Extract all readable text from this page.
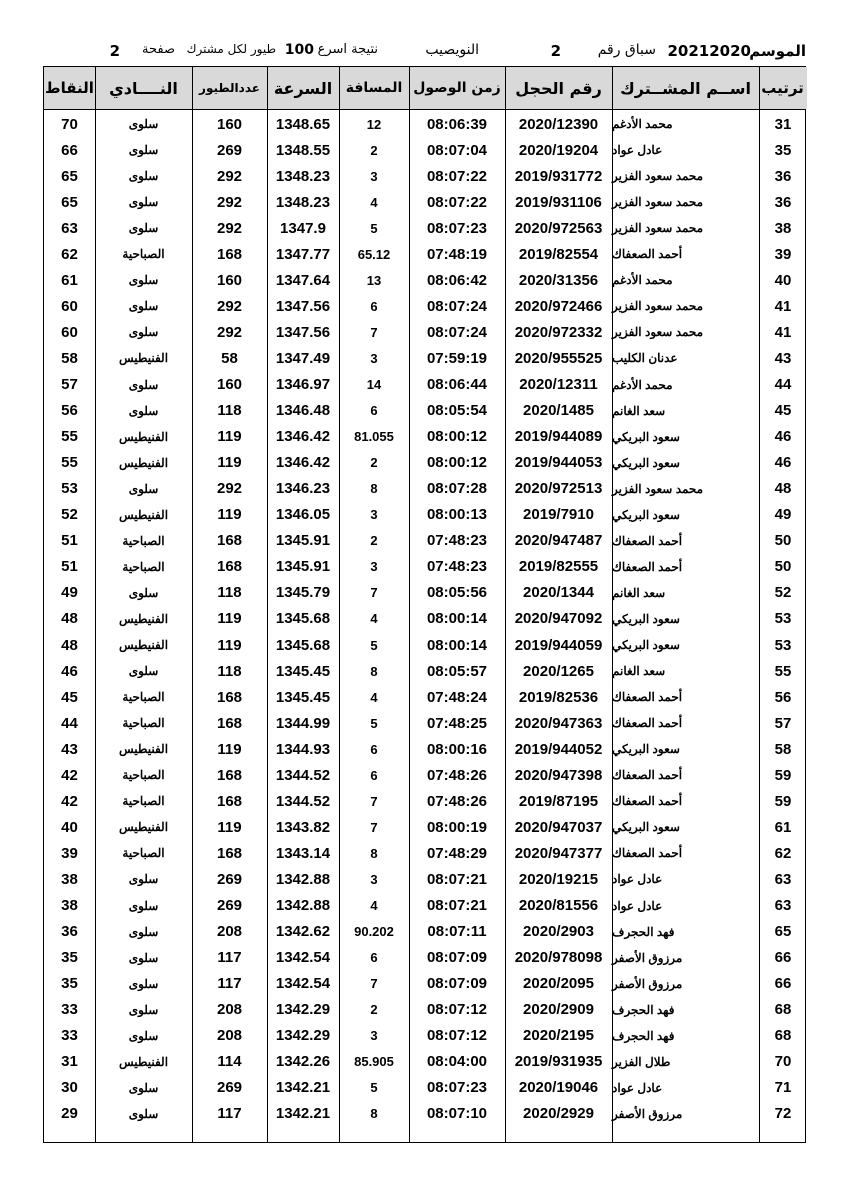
الموسم
20212020
سباق رقم
2
النويصيب
نتيجة اسرع
100
طيور لكل مشترك
صفحة
2
ترتيب
اســم المشــترك
رقم الحجل
زمن الوصول
المسافة
السرعة
عددالطيور
النــــادي
النقاط
31
محمد الأدغم
2020/12390
08:06:39
12
1348.65
160
سلوى
70
35
عادل عواد
2020/19204
08:07:04
2
1348.55
269
سلوى
66
36
محمد سعود الفزير
2019/931772
08:07:22
3
1348.23
292
سلوى
65
36
محمد سعود الفزير
2019/931106
08:07:22
4
1348.23
292
سلوى
65
38
محمد سعود الفزير
2020/972563
08:07:23
5
1347.9
292
سلوى
63
39
أحمد الصعفاك
2019/82554
07:48:19
65.12
1347.77
168
الصباحية
62
40
محمد الأدغم
2020/31356
08:06:42
13
1347.64
160
سلوى
61
41
محمد سعود الفزير
2020/972466
08:07:24
6
1347.56
292
سلوى
60
41
محمد سعود الفزير
2020/972332
08:07:24
7
1347.56
292
سلوى
60
43
عدنان الكليب
2020/955525
07:59:19
3
1347.49
58
الفنيطيس
58
44
محمد الأدغم
2020/12311
08:06:44
14
1346.97
160
سلوى
57
45
سعد الغانم
2020/1485
08:05:54
6
1346.48
118
سلوى
56
46
سعود البريكي
2019/944089
08:00:12
81.055
1346.42
119
الفنيطيس
55
46
سعود البريكي
2019/944053
08:00:12
2
1346.42
119
الفنيطيس
55
48
محمد سعود الفزير
2020/972513
08:07:28
8
1346.23
292
سلوى
53
49
سعود البريكي
2019/7910
08:00:13
3
1346.05
119
الفنيطيس
52
50
أحمد الصعفاك
2020/947487
07:48:23
2
1345.91
168
الصباحية
51
50
أحمد الصعفاك
2019/82555
07:48:23
3
1345.91
168
الصباحية
51
52
سعد الغانم
2020/1344
08:05:56
7
1345.79
118
سلوى
49
53
سعود البريكي
2020/947092
08:00:14
4
1345.68
119
الفنيطيس
48
53
سعود البريكي
2019/944059
08:00:14
5
1345.68
119
الفنيطيس
48
55
سعد الغانم
2020/1265
08:05:57
8
1345.45
118
سلوى
46
56
أحمد الصعفاك
2019/82536
07:48:24
4
1345.45
168
الصباحية
45
57
أحمد الصعفاك
2020/947363
07:48:25
5
1344.99
168
الصباحية
44
58
سعود البريكي
2019/944052
08:00:16
6
1344.93
119
الفنيطيس
43
59
أحمد الصعفاك
2020/947398
07:48:26
6
1344.52
168
الصباحية
42
59
أحمد الصعفاك
2019/87195
07:48:26
7
1344.52
168
الصباحية
42
61
سعود البريكي
2020/947037
08:00:19
7
1343.82
119
الفنيطيس
40
62
أحمد الصعفاك
2020/947377
07:48:29
8
1343.14
168
الصباحية
39
63
عادل عواد
2020/19215
08:07:21
3
1342.88
269
سلوى
38
63
عادل عواد
2020/81556
08:07:21
4
1342.88
269
سلوى
38
65
فهد الحجرف
2020/2903
08:07:11
90.202
1342.62
208
سلوى
36
66
مرزوق الأصفر
2020/978098
08:07:09
6
1342.54
117
سلوى
35
66
مرزوق الأصفر
2020/2095
08:07:09
7
1342.54
117
سلوى
35
68
فهد الحجرف
2020/2909
08:07:12
2
1342.29
208
سلوى
33
68
فهد الحجرف
2020/2195
08:07:12
3
1342.29
208
سلوى
33
70
طلال الفزير
2019/931935
08:04:00
85.905
1342.26
114
الفنيطيس
31
71
عادل عواد
2020/19046
08:07:23
5
1342.21
269
سلوى
30
72
مرزوق الأصفر
2020/2929
08:07:10
8
1342.21
117
سلوى
29
